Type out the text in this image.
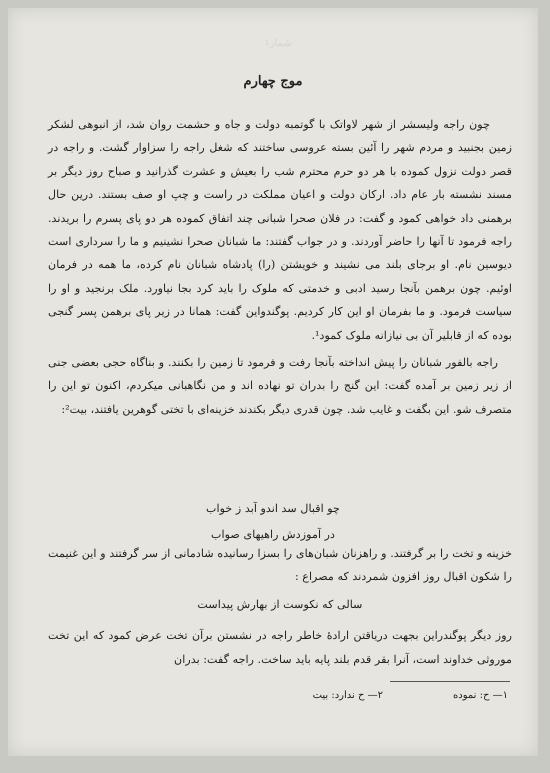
شمار۱
موج چهارم

چون راجه وليسشر از شهر لاواتک با گوتمبه دولت و جاه و حشمت روان شد، از انبوهی لشکر زمين بجنبيد و مردم شهر را آئين بسته عروسی ساختند که شغل راجه را سزاوار گشت. و راجه در قصر دولت نزول کموده با هر دو حرم محترم شب را بعيش و عشرت گذرانيد و صباح روز ديگر بر مسند نشسته بار عام داد. ارکان دولت و اعيان مملکت در راست و چپ او صف بستند. درين حال برهمنی داد خواهی کمود و گفت: در فلان صحرا شبانی چند اتفاق کموده هر دو پای پسرم را بريدند. راجه فرمود تا آنها را حاضر آوردند. و در جواب گفتند: ما شبانان صحرا نشينيم و ما را سرداری است ديوسين نام. او برجای بلند می نشيند و خويشتن (را) پادشاه شبانان نام کرده، ما همه در فرمان اوئيم. چون برهمن بآنجا رسيد ادبی و خدمتی که ملوک را بايد کرد بجا نياورد. ملک برنجيد و او را سياست فرمود. و ما بفرمان او اين کار کرديم. پوگندواين گفت: همانا در زير پای برهمن پسر گنجی بوده که از قابلير آن بی نيازانه ملوک کمود¹.

راجه بالفور شبانان را پيش انداخته بآنجا رفت و فرمود تا زمين را بکنند. و بناگاه حجی بعضی جنی از زير زمين بر آمده گفت: اين گنج را بدران تو نهاده اند و من نگاهبانی ميکردم، اکنون تو اين را متصرف شو. اين بگفت و غايب شد. چون قدری ديگر بکندند خزينه‌ای با تختی گوهرين يافتند، بيت²:

چو اقبال سد اندو آبد ز خواب
در آموزدش راهیهای صواب

خزينه و تخت را بر گرفتند. و راهزنان شبان‌های را بسزا رسانيده شادمانی از سر گرفتند و اين غنيمت را شکون اقبال روز افزون شمردند که مصراع :

سالی که نکوست از بهارش پيداست

روز ديگر پوگندراين بجهت درياقتن ارادهٔ خاطر راجه در نشستن برآن تخت عرض کمود که اين تخت موروثی خداوند است، آنرا بقر قدم بلند پايه بايد ساخت. راجه گفت: بدران

۱— ح: نموده
۲— ح ندارد: بيت
